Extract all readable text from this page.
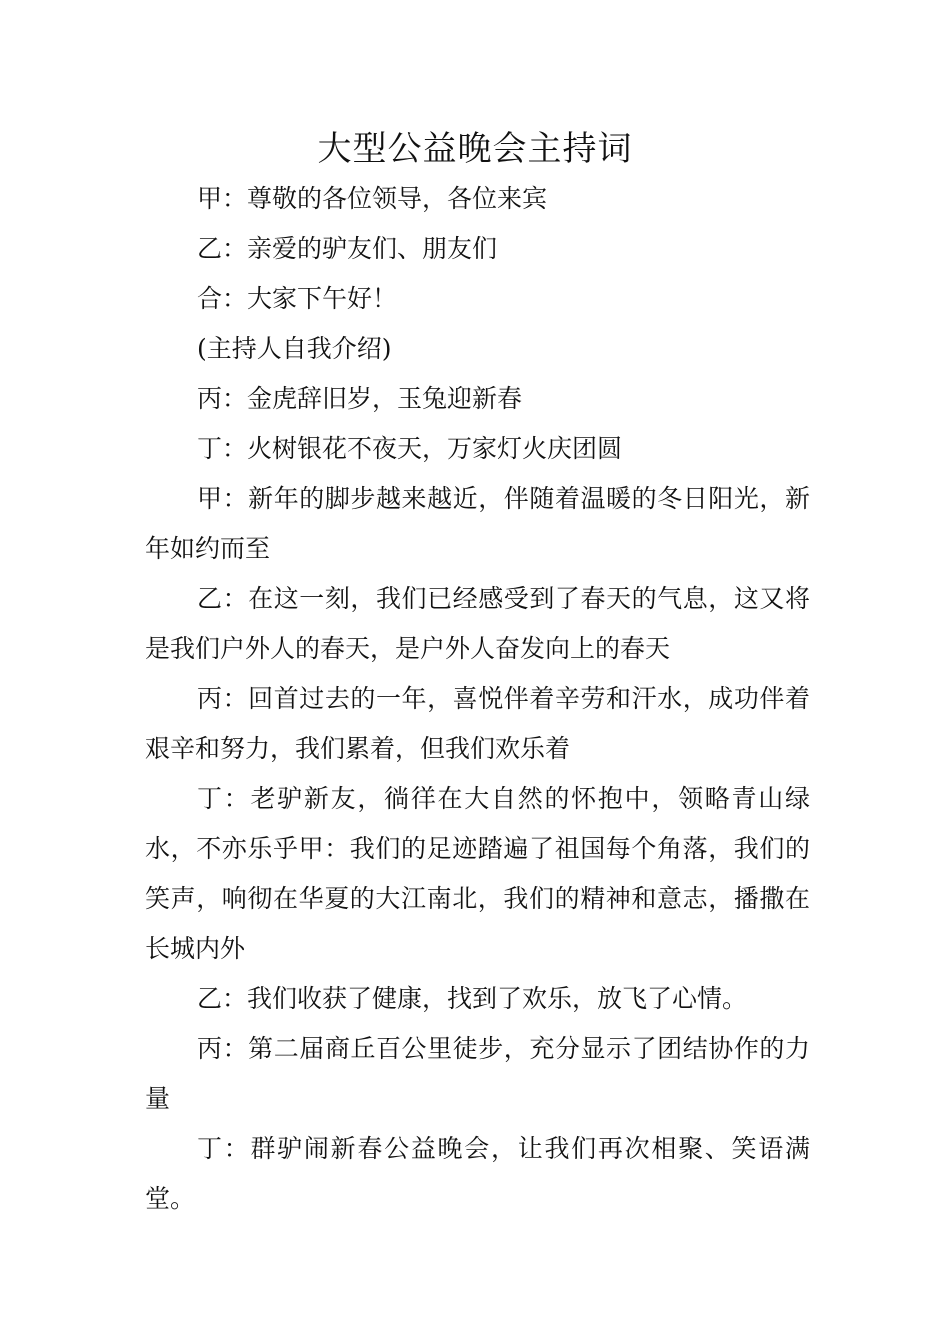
大型公益晚会主持词

甲：尊敬的各位领导，各位来宾

乙：亲爱的驴友们、朋友们

合：大家下午好！

(主持人自我介绍)

丙：金虎辞旧岁，玉兔迎新春

丁：火树银花不夜天，万家灯火庆团圆

甲：新年的脚步越来越近，伴随着温暖的冬日阳光，新年如约而至

乙：在这一刻，我们已经感受到了春天的气息，这又将是我们户外人的春天，是户外人奋发向上的春天

丙：回首过去的一年，喜悦伴着辛劳和汗水，成功伴着艰辛和努力，我们累着，但我们欢乐着

丁：老驴新友，徜徉在大自然的怀抱中，领略青山绿水，不亦乐乎甲：我们的足迹踏遍了祖国每个角落，我们的笑声，响彻在华夏的大江南北，我们的精神和意志，播撒在长城内外

乙：我们收获了健康，找到了欢乐，放飞了心情。

丙：第二届商丘百公里徒步，充分显示了团结协作的力量

丁：群驴闹新春公益晚会，让我们再次相聚、笑语满堂。
